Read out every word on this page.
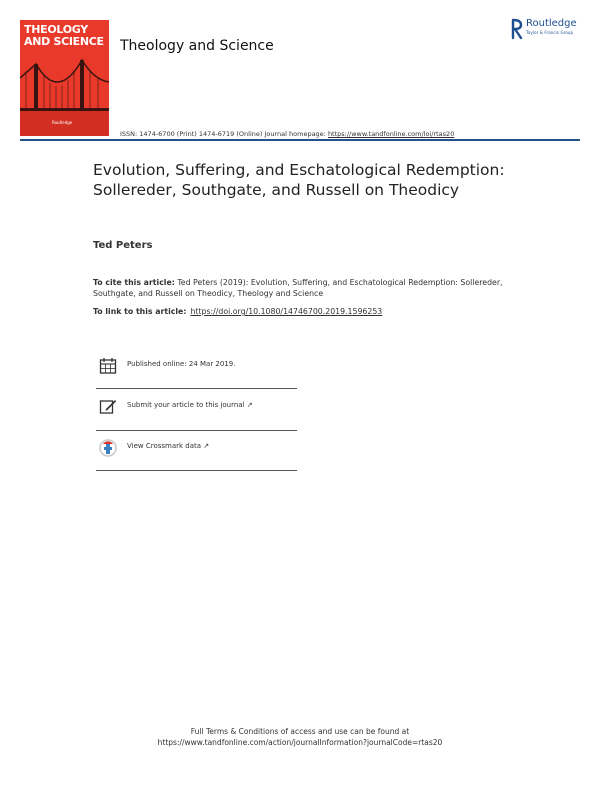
THEOLOGY
AND SCIENCE
Routledge
Theology and Science
Routledge
Taylor & Francis Group
ISSN: 1474-6700 (Print) 1474-6719 (Online) Journal homepage: https://www.tandfonline.com/loi/rtas20
Evolution, Suffering, and Eschatological Redemption: Sollereder, Southgate, and Russell on Theodicy
Ted Peters
To cite this article: Ted Peters (2019): Evolution, Suffering, and Eschatological Redemption: Sollereder, Southgate, and Russell on Theodicy, Theology and Science
To link to this article: https://doi.org/10.1080/14746700.2019.1596253
Published online: 24 Mar 2019.
Submit your article to this journal ↗
View Crossmark data ↗
Full Terms & Conditions of access and use can be found at
https://www.tandfonline.com/action/journalInformation?journalCode=rtas20
